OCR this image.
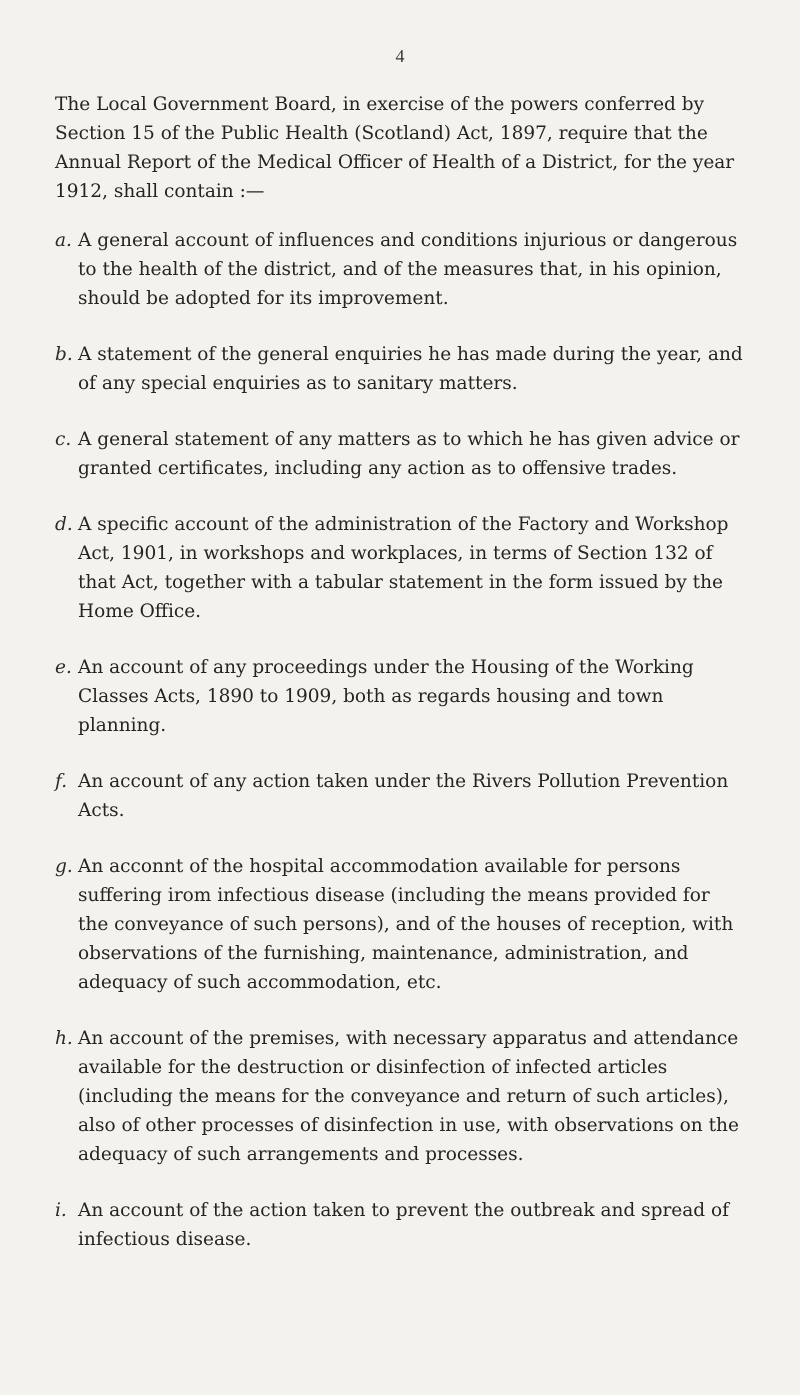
4

The Local Government Board, in exercise of the powers conferred by Section 15 of the Public Health (Scotland) Act, 1897, require that the Annual Report of the Medical Officer of Health of a District, for the year 1912, shall contain :—

a. A general account of influences and conditions injurious or dangerous to the health of the district, and of the measures that, in his opinion, should be adopted for its improvement.
b. A statement of the general enquiries he has made during the year, and of any special enquiries as to sanitary matters.
c. A general statement of any matters as to which he has given advice or granted certificates, including any action as to offensive trades.
d. A specific account of the administration of the Factory and Workshop Act, 1901, in workshops and workplaces, in terms of Section 132 of that Act, together with a tabular statement in the form issued by the Home Office.
e. An account of any proceedings under the Housing of the Working Classes Acts, 1890 to 1909, both as regards housing and town planning.
f. An account of any action taken under the Rivers Pollution Prevention Acts.
g. An acconnt of the hospital accommodation available for persons suffering irom infectious disease (including the means provided for the conveyance of such persons), and of the houses of reception, with observations of the furnishing, maintenance, administration, and adequacy of such accommodation, etc.
h. An account of the premises, with necessary apparatus and attendance available for the destruction or disinfection of infected articles (including the means for the conveyance and return of such articles), also of other processes of disinfection in use, with observations on the adequacy of such arrangements and processes.
i. An account of the action taken to prevent the outbreak and spread of infectious disease.
